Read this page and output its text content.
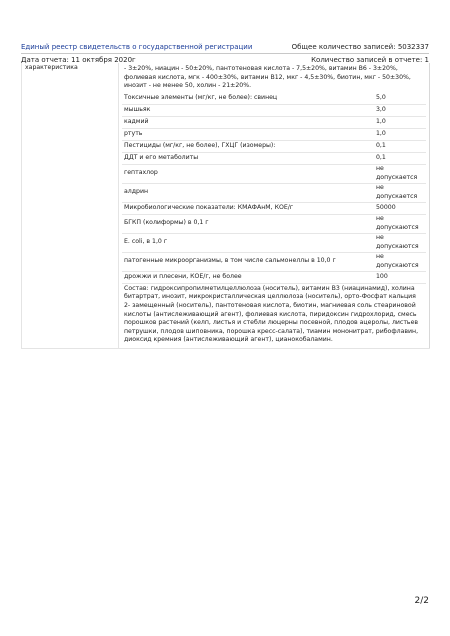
Единый реестр свидетельств о государственной регистрации	Общее количество записей: 5032337
Дата отчета: 11 октября 2020г	Количество записей в отчете: 1
характеристика	- 3±20%, ниацин - 50±20%, пантотеновая кислота - 7,5±20%, витамин В6 - 3±20%, фолиевая кислота, мгк - 400±30%, витамин В12, мкг - 4,5±30%, биотин, мкг - 50±30%, инозит - не менее 50, холин - 21±20%.
Токсичные элементы (мг/кг, не более): свинец	5,0
мышьяк	3,0
кадмий	1,0
ртуть	1,0
Пестициды (мг/кг, не более), ГХЦГ (изомеры):	0,1
ДДТ и его метаболиты	0,1
гептахлор	не допускается
алдрин	не допускается
Микробиологические показатели: КМАФАнМ, КОЕ/г	50000
БГКП (колиформы) в 0,1 г	не допускаются
E. coli, в 1,0 г	не допускаются
патогенные микроорганизмы, в том числе сальмонеллы в 10,0 г	не допускаются
дрожжи и плесени, КОЕ/г, не более	100
Состав: гидроксипропилметилцеллюлоза (носитель), витамин В3 (ниацинамид), холина битартрат, инозит, микрокристаллическая целлюлоза (носитель), орто-Фосфат кальция 2- замещенный (носитель), пантотеновая кислота, биотин, магниевая соль стеариновой кислоты (антислеживающий агент), фолиевая кислота, пиридоксин гидрохлорид, смесь порошков растений (келп, листья и стебли люцерны посевной, плодов ацеролы, листьев петрушки, плодов шиповника, порошка кресс-салата), тиамин мононитрат, рибофлавин, диоксид кремния (антислеживающий агент), цианокобаламин.
2/2
